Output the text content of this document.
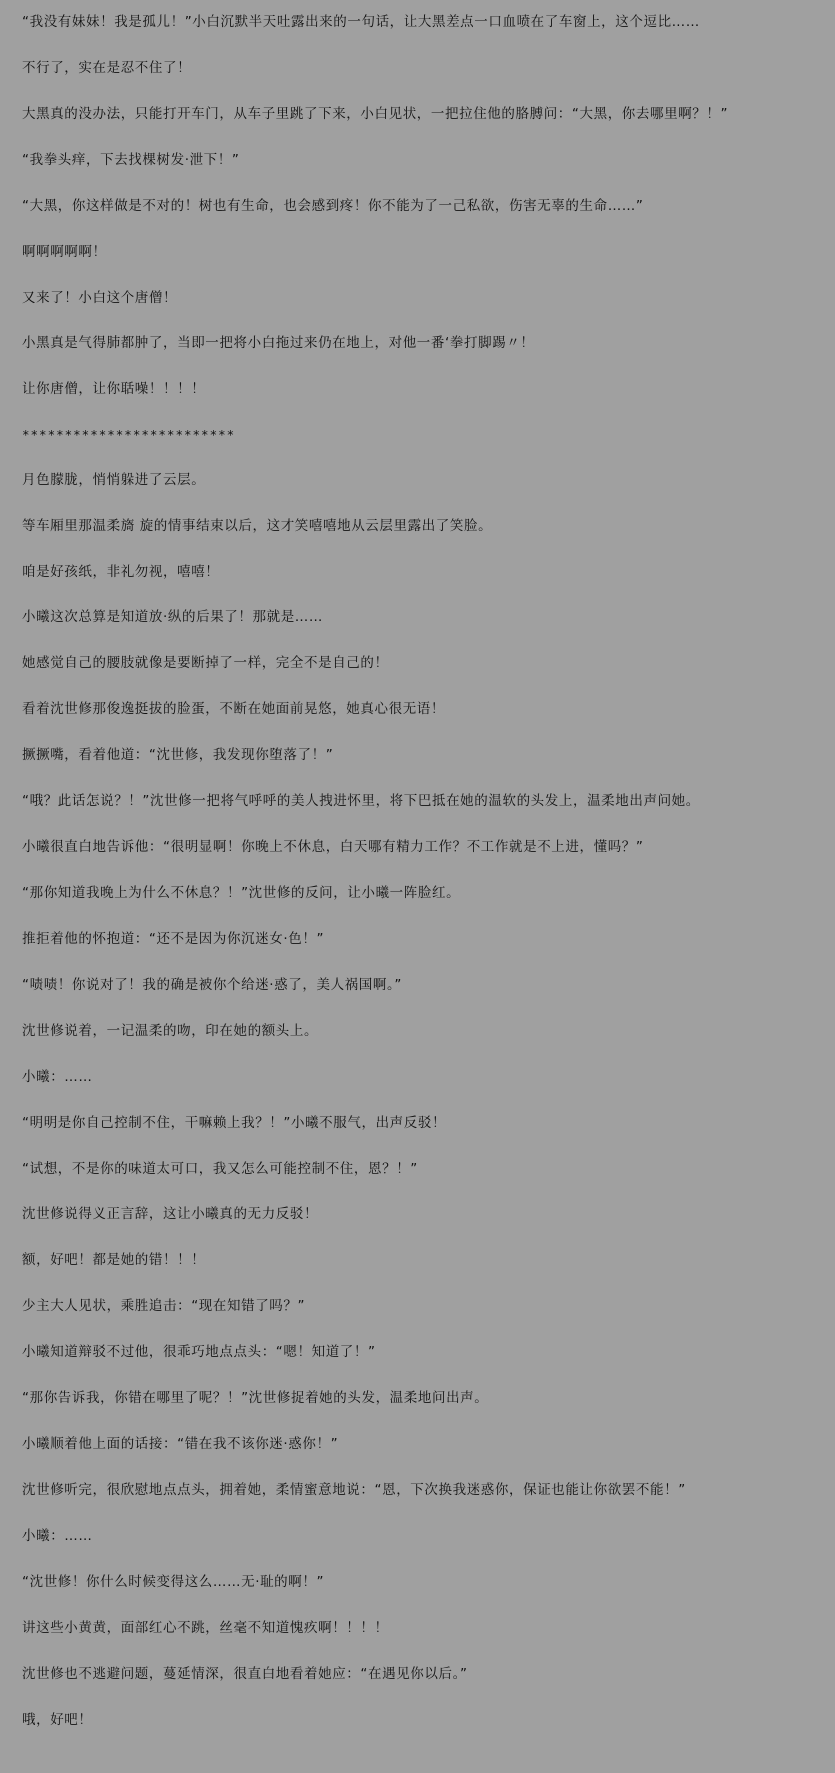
“我没有妹妹！我是孤儿！”小白沉默半天吐露出来的一句话，让大黑差点一口血喷在了车窗上，这个逗比……

不行了，实在是忍不住了！

大黑真的没办法，只能打开车门，从车子里跳了下来，小白见状，一把拉住他的胳膊问：“大黑，你去哪里啊？！”

“我拳头痒，下去找棵树发·泄下！”

“大黑，你这样做是不对的！树也有生命，也会感到疼！你不能为了一己私欲，伤害无辜的生命……”

啊啊啊啊啊！

又来了！小白这个唐僧！

小黑真是气得肺都肿了，当即一把将小白拖过来仍在地上，对他一番‘拳打脚踢〃！

让你唐僧，让你聒噪！！！！

*************************

月色朦胧，悄悄躲进了云层。

等车厢里那温柔旖 旋的情事结束以后，这才笑嘻嘻地从云层里露出了笑脸。

咱是好孩纸，非礼勿视，嘻嘻！

小曦这次总算是知道放·纵的后果了！那就是……

她感觉自己的腰肢就像是要断掉了一样，完全不是自己的！

看着沈世修那俊逸挺拔的脸蛋，不断在她面前晃悠，她真心很无语！

撅撅嘴，看着他道：“沈世修，我发现你堕落了！”

“哦？此话怎说？！”沈世修一把将气呼呼的美人拽进怀里，将下巴抵在她的温软的头发上，温柔地出声问她。

小曦很直白地告诉他：“很明显啊！你晚上不休息，白天哪有精力工作？不工作就是不上进，懂吗？”

“那你知道我晚上为什么不休息？！”沈世修的反问，让小曦一阵脸红。

推拒着他的怀抱道：“还不是因为你沉迷女·色！”

“啧啧！你说对了！我的确是被你个给迷·惑了，美人祸国啊。”

沈世修说着，一记温柔的吻，印在她的额头上。

小曦：……

“明明是你自己控制不住，干嘛赖上我？！”小曦不服气，出声反驳！

“试想，不是你的味道太可口，我又怎么可能控制不住，恩？！”

沈世修说得义正言辞，这让小曦真的无力反驳！

额，好吧！都是她的错！！！

少主大人见状，乘胜追击：“现在知错了吗？”

小曦知道辩驳不过他，很乖巧地点点头：“嗯！知道了！”

“那你告诉我，你错在哪里了呢？！”沈世修捉着她的头发，温柔地问出声。

小曦顺着他上面的话接：“错在我不该你迷·惑你！”

沈世修听完，很欣慰地点点头，拥着她，柔情蜜意地说：“恩，下次换我迷惑你，保证也能让你欲罢不能！”

小曦：……

“沈世修！你什么时候变得这么……无·耻的啊！”

讲这些小黄黄，面部红心不跳，丝毫不知道愧疚啊！！！！

沈世修也不逃避问题，蔓延情深，很直白地看着她应：“在遇见你以后。”

哦，好吧！
